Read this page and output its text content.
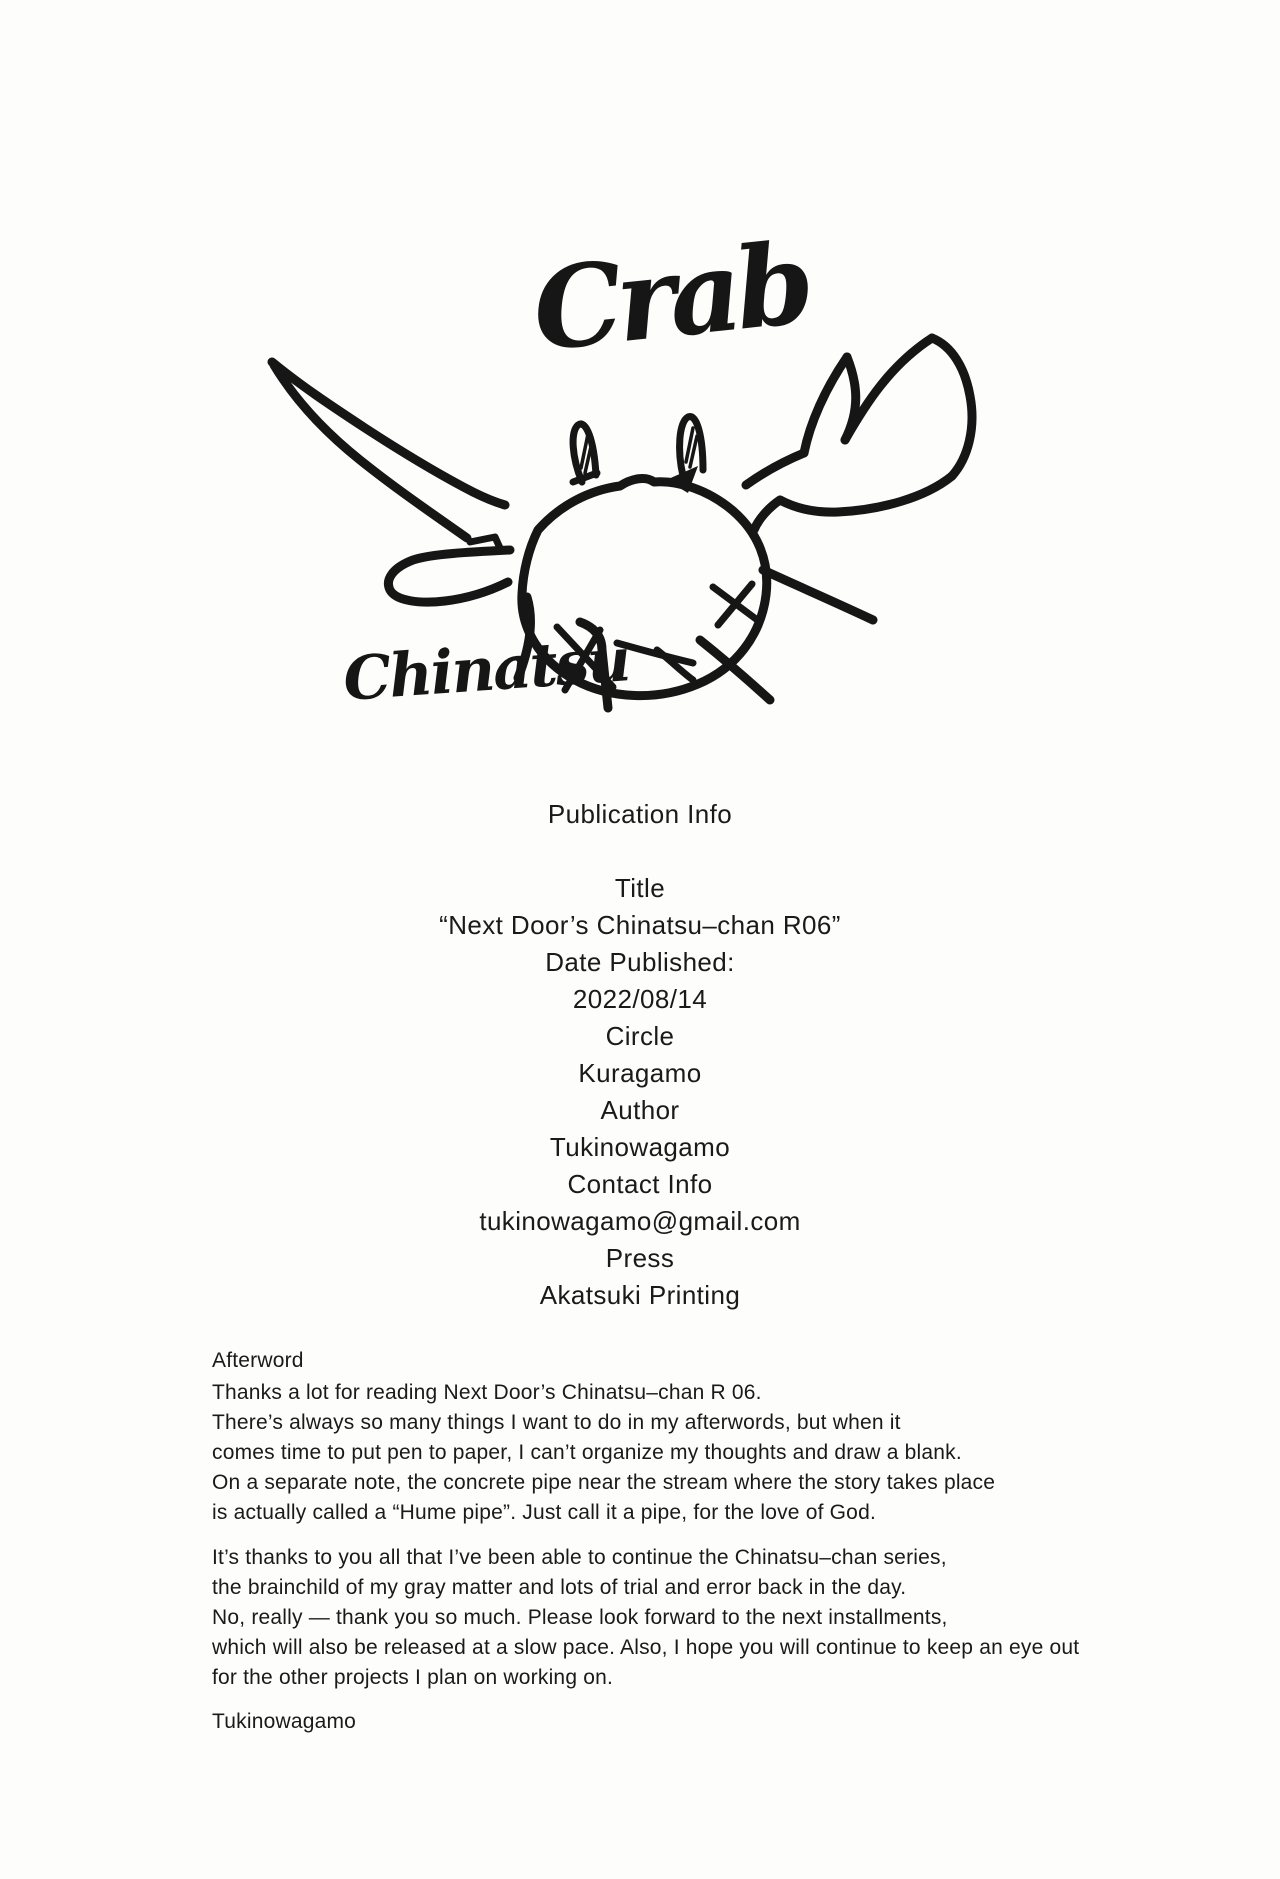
Crab
Chinatsu
Publication Info
Title
“Next Door’s Chinatsu–chan R06”
Date Published:
2022/08/14
Circle
Kuragamo
Author
Tukinowagamo
Contact Info
tukinowagamo@gmail.com
Press
Akatsuki Printing
Afterword
Thanks a lot for reading Next Door’s Chinatsu–chan R 06.
There’s always so many things I want to do in my afterwords, but when it
comes time to put pen to paper, I can’t organize my thoughts and draw a blank.
On a separate note, the concrete pipe near the stream where the story takes place
is actually called a “Hume pipe”. Just call it a pipe, for the love of God.
It’s thanks to you all that I’ve been able to continue the Chinatsu–chan series,
the brainchild of my gray matter and lots of trial and error back in the day.
No, really — thank you so much. Please look forward to the next installments,
which will also be released at a slow pace. Also, I hope you will continue to keep an eye out
for the other projects I plan on working on.
Tukinowagamo
